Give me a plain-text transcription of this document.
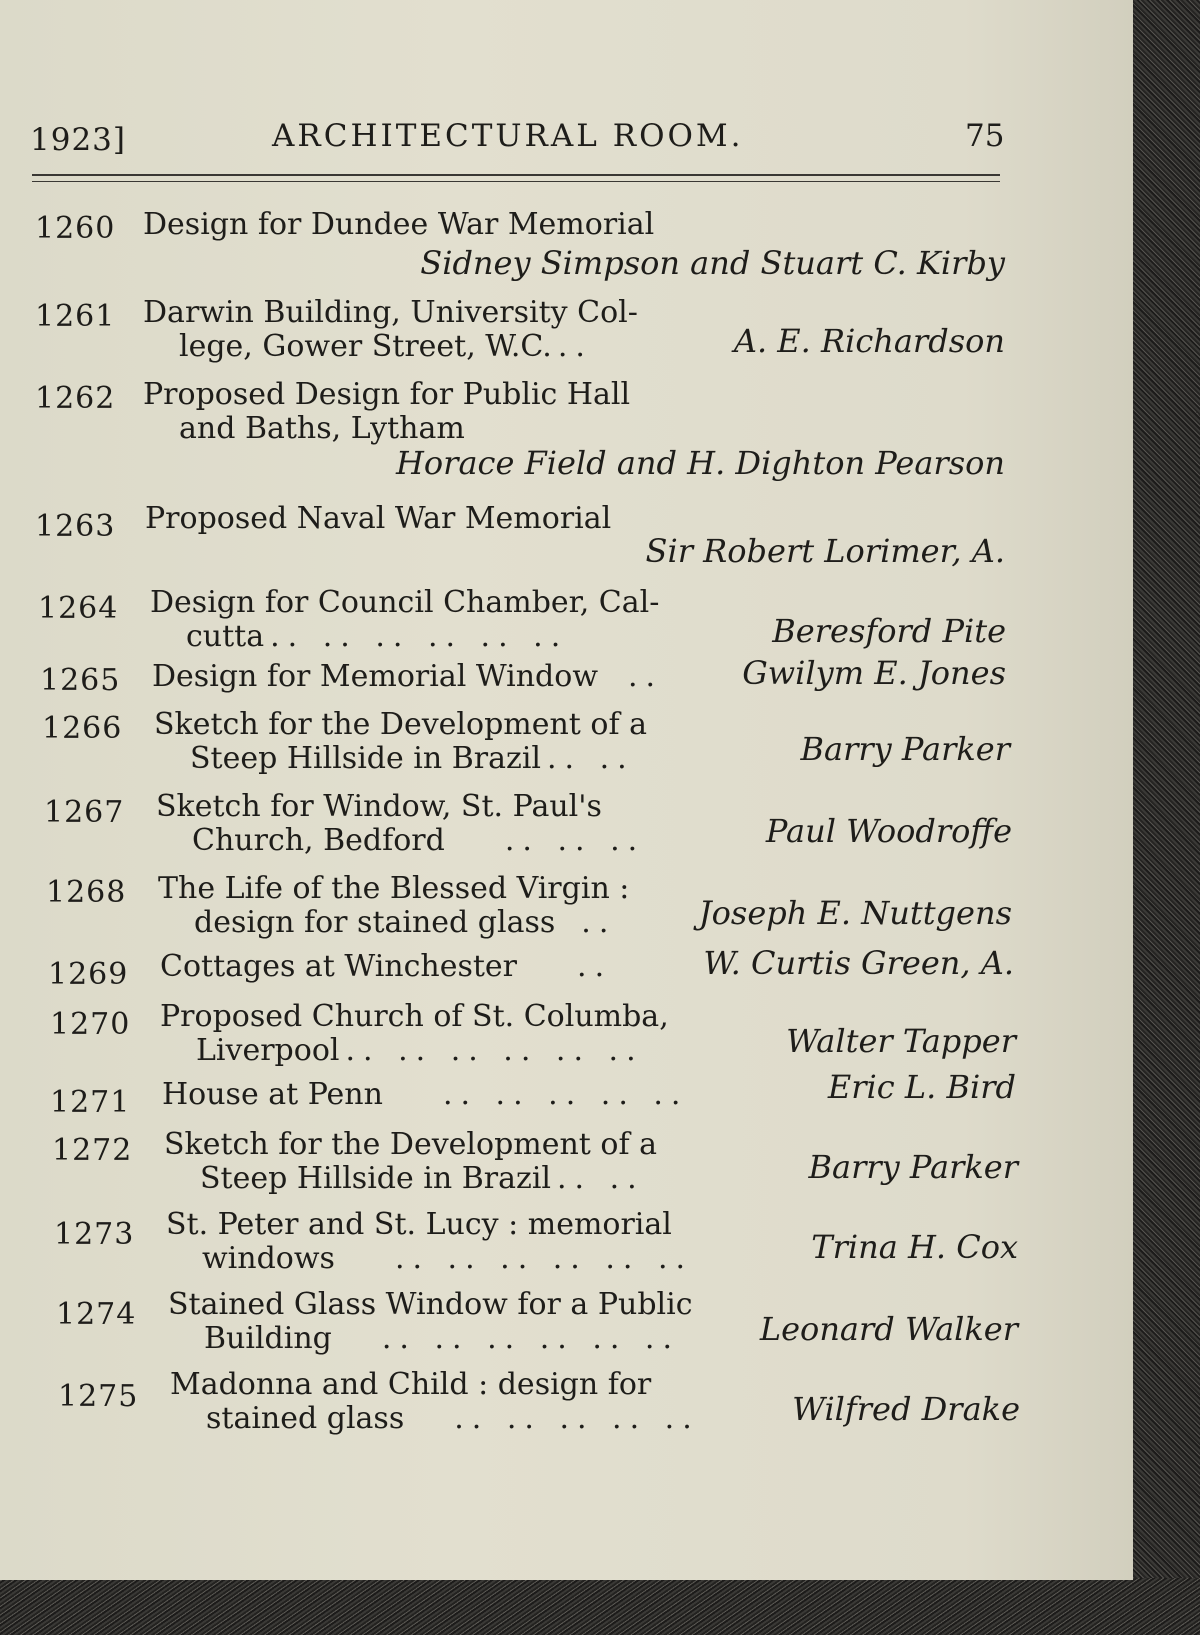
1923]	ARCHITECTURAL ROOM.	75
1260 Design for Dundee War Memorial
Sidney Simpson and Stuart C. Kirby
1261 Darwin Building, University Col-
lege, Gower Street, W.C. ..	A. E. Richardson
1262 Proposed Design for Public Hall
and Baths, Lytham
Horace Field and H. Dighton Pearson
1263 Proposed Naval War Memorial
Sir Robert Lorimer, A.
1264 Design for Council Chamber, Cal-
cutta .. .. .. .. .. ..	Beresford Pite
1265 Design for Memorial Window .. Gwilym E. Jones
1266 Sketch for the Development of a
Steep Hillside in Brazil .. ..	Barry Parker
1267 Sketch for Window, St. Paul's
Church, Bedford .. .. ..	Paul Woodroffe
1268 The Life of the Blessed Virgin :
design for stained glass ..	Joseph E. Nuttgens
1269 Cottages at Winchester ..	W. Curtis Green, A.
1270 Proposed Church of St. Columba,
Liverpool .. .. .. .. .. ..	Walter Tapper
1271 House at Penn .. .. .. .. ..	Eric L. Bird
1272 Sketch for the Development of a
Steep Hillside in Brazil .. ..	Barry Parker
1273 St. Peter and St. Lucy : memorial
windows .. .. .. .. .. ..	Trina H. Cox
1274 Stained Glass Window for a Public
Building .. .. .. .. .. ..	Leonard Walker
1275 Madonna and Child : design for
stained glass .. .. .. .. ..	Wilfred Drake
